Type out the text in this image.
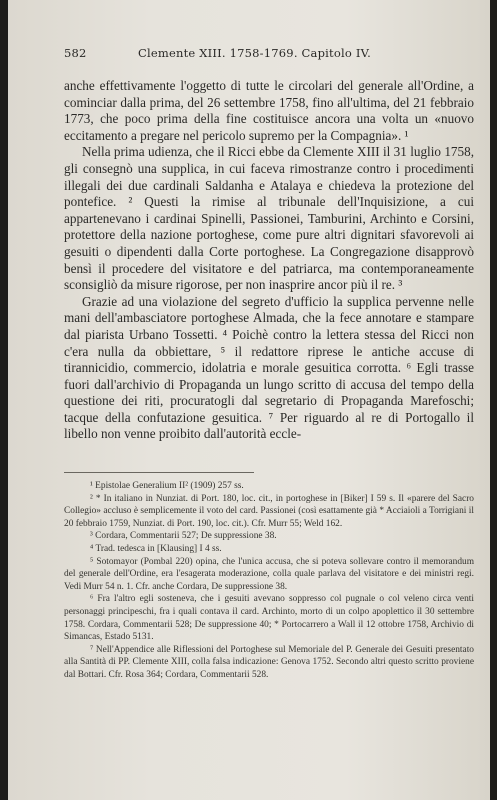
582	Clemente XIII. 1758-1769. Capitolo IV.

anche effettivamente l'oggetto di tutte le circolari del generale all'Ordine, a cominciar dalla prima, del 26 settembre 1758, fino all'ultima, del 21 febbraio 1773, che poco prima della fine costituisce ancora una volta un «nuovo eccitamento a pregare nel pericolo supremo per la Compagnia». ¹

Nella prima udienza, che il Ricci ebbe da Clemente XIII il 31 luglio 1758, gli consegnò una supplica, in cui faceva rimostranze contro i procedimenti illegali dei due cardinali Saldanha e Atalaya e chiedeva la protezione del pontefice. ² Questi la rimise al tribunale dell'Inquisizione, a cui appartenevano i cardinai Spinelli, Passionei, Tamburini, Archinto e Corsini, protettore della nazione portoghese, come pure altri dignitari sfavorevoli ai gesuiti o dipendenti dalla Corte portoghese. La Congregazione disapprovò bensì il procedere del visitatore e del patriarca, ma contemporaneamente sconsigliò da misure rigorose, per non inasprire ancor più il re. ³

Grazie ad una violazione del segreto d'ufficio la supplica pervenne nelle mani dell'ambasciatore portoghese Almada, che la fece annotare e stampare dal piarista Urbano Tossetti. ⁴ Poichè contro la lettera stessa del Ricci non c'era nulla da obbiettare, ⁵ il redattore riprese le antiche accuse di tirannicidio, commercio, idolatria e morale gesuitica corrotta. ⁶ Egli trasse fuori dall'archivio di Propaganda un lungo scritto di accusa del tempo della questione dei riti, procuratogli dal segretario di Propaganda Marefoschi; tacque della confutazione gesuitica. ⁷ Per riguardo al re di Portogallo il libello non venne proibito dall'autorità eccle-

¹ Epistolae Generalium II² (1909) 257 ss.

² * In italiano in Nunziat. di Port. 180, loc. cit., in portoghese in [Biker] I 59 s. Il «parere del Sacro Collegio» accluso è semplicemente il voto del card. Passionei (così esattamente già * Acciaioli a Torrigiani il 20 febbraio 1759, Nunziat. di Port. 190, loc. cit.). Cfr. Murr 55; Weld 162.

³ Cordara, Commentarii 527; De suppressione 38.

⁴ Trad. tedesca in [Klausing] I 4 ss.

⁵ Sotomayor (Pombal 220) opina, che l'unica accusa, che si poteva sollevare contro il memorandum del generale dell'Ordine, era l'esagerata moderazione, colla quale parlava del visitatore e dei ministri regi. Vedi Murr 54 n. 1. Cfr. anche Cordara, De suppressione 38.

⁶ Fra l'altro egli sosteneva, che i gesuiti avevano soppresso col pugnale o col veleno circa venti personaggi principeschi, fra i quali contava il card. Archinto, morto di un colpo apoplettico il 30 settembre 1758. Cordara, Commentarii 528; De suppressione 40; * Portocarrero a Wall il 12 ottobre 1758, Archivio di Simancas, Estado 5131.

⁷ Nell'Appendice alle Riflessioni del Portoghese sul Memoriale del P. Generale dei Gesuiti presentato alla Santità di PP. Clemente XIII, colla falsa indicazione: Genova 1752. Secondo altri questo scritto proviene dal Bottari. Cfr. Rosa 364; Cordara, Commentarii 528.
